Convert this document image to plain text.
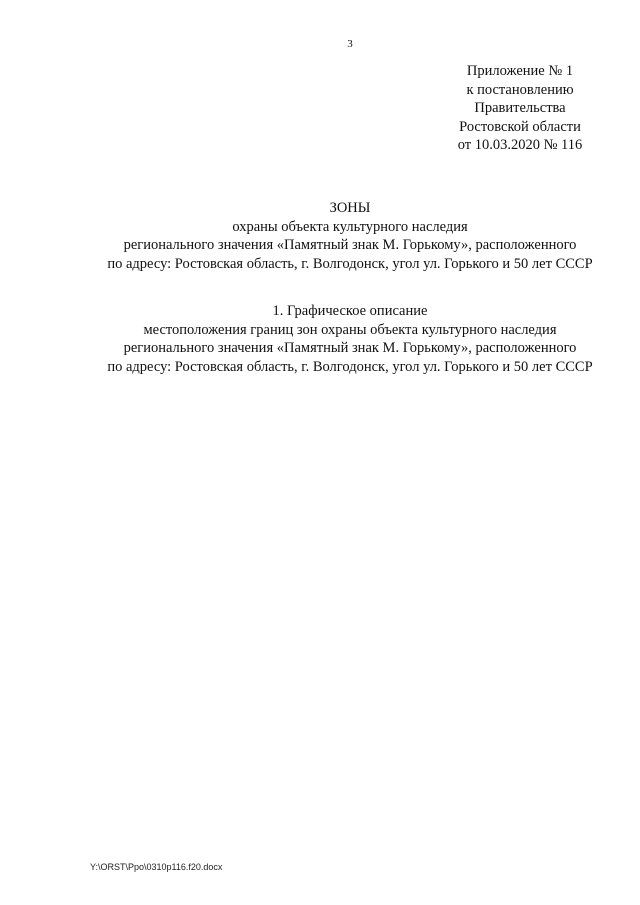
3
Приложение № 1
к постановлению
Правительства
Ростовской области
от 10.03.2020 № 116
ЗОНЫ
охраны объекта культурного наследия
регионального значения «Памятный знак М. Горькому», расположенного
по адресу: Ростовская область, г. Волгодонск, угол ул. Горького и 50 лет СССР
1. Графическое описание
местоположения границ зон охраны объекта культурного наследия
регионального значения «Памятный знак М. Горькому», расположенного
по адресу: Ростовская область, г. Волгодонск, угол ул. Горького и 50 лет СССР
Y:\ORST\Ppo\0310p116.f20.docx
